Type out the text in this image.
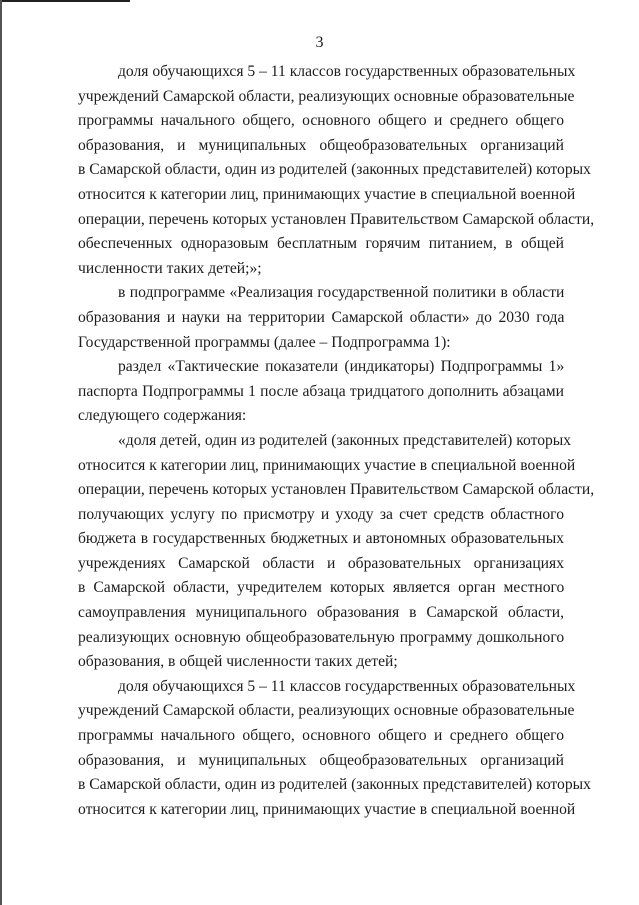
3
доля обучающихся 5 – 11 классов государственных образовательных
учреждений Самарской области, реализующих основные образовательные
программы начального общего, основного общего и среднего общего
образования, и муниципальных общеобразовательных организаций
в Самарской области, один из родителей (законных представителей) которых
относится к категории лиц, принимающих участие в специальной военной
операции, перечень которых установлен Правительством Самарской области,
обеспеченных одноразовым бесплатным горячим питанием, в общей
численности таких детей;»;
в подпрограмме «Реализация государственной политики в области
образования и науки на территории Самарской области» до 2030 года
Государственной программы (далее – Подпрограмма 1):
раздел «Тактические показатели (индикаторы) Подпрограммы 1»
паспорта Подпрограммы 1 после абзаца тридцатого дополнить абзацами
следующего содержания:
«доля детей, один из родителей (законных представителей) которых
относится к категории лиц, принимающих участие в специальной военной
операции, перечень которых установлен Правительством Самарской области,
получающих услугу по присмотру и уходу за счет средств областного
бюджета в государственных бюджетных и автономных образовательных
учреждениях Самарской области и образовательных организациях
в Самарской области, учредителем которых является орган местного
самоуправления муниципального образования в Самарской области,
реализующих основную общеобразовательную программу дошкольного
образования, в общей численности таких детей;
доля обучающихся 5 – 11 классов государственных образовательных
учреждений Самарской области, реализующих основные образовательные
программы начального общего, основного общего и среднего общего
образования, и муниципальных общеобразовательных организаций
в Самарской области, один из родителей (законных представителей) которых
относится к категории лиц, принимающих участие в специальной военной
